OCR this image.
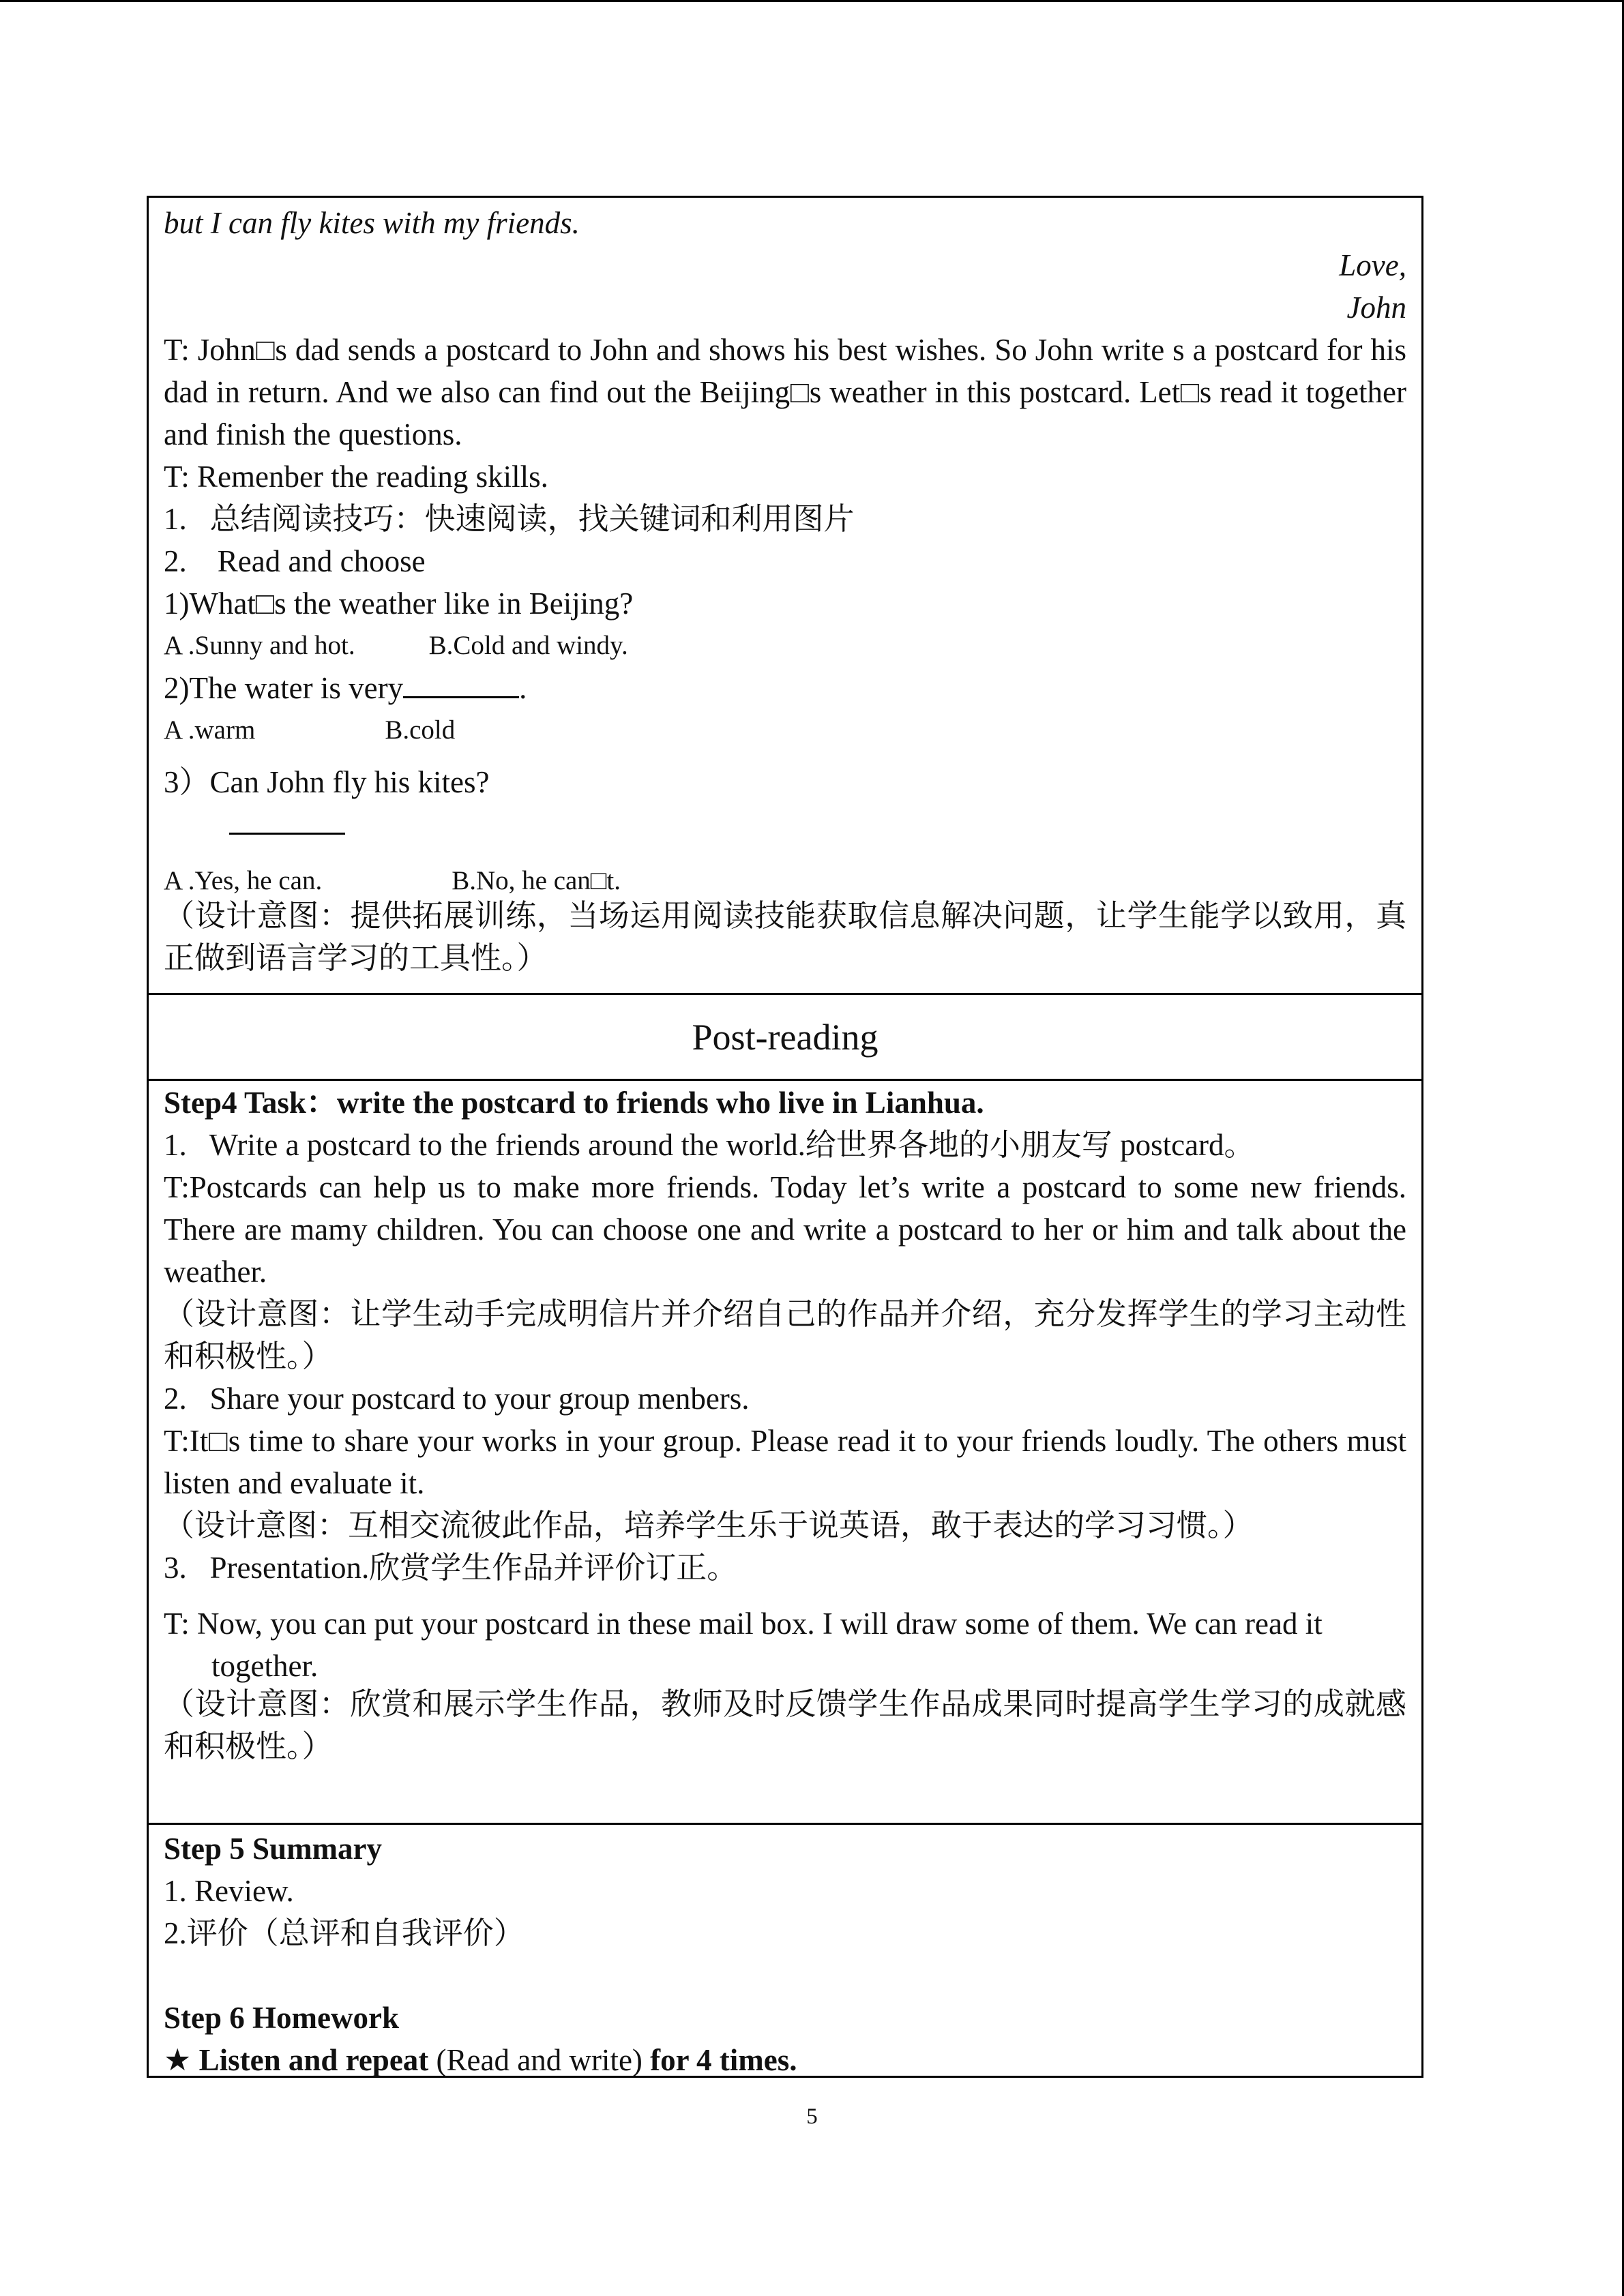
but I can fly kites with my friends.
Love,
John
T: John□s dad sends a postcard to John and shows his best wishes. So John write s a postcard for his dad in return. And we also can find out the Beijing□s weather in this postcard. Let□s read it together and finish the questions.
T: Remenber the reading skills.
1.   总结阅读技巧：快速阅读，找关键词和利用图片
2.    Read and choose
1)What□s the weather like in Beijing?
A .Sunny and hot.	B.Cold and windy.
2)The water is very	.
A .warm	B.cold
3）Can John fly his kites?
A .Yes, he can.	B.No, he can□t.
（设计意图：提供拓展训练，当场运用阅读技能获取信息解决问题，让学生能学以致用，真正做到语言学习的工具性。）
Post-reading
Step4 Task：write the postcard to friends who live in Lianhua.
1.   Write a postcard to the friends around the world.给世界各地的小朋友写 postcard。
T:Postcards can help us to make more friends. Today let’s write a postcard to some new friends. There are mamy children. You can choose one and write a postcard to her or him and talk about the weather.
（设计意图：让学生动手完成明信片并介绍自己的作品并介绍，充分发挥学生的学习主动性和积极性。）
2.   Share your postcard to your group menbers.
T:It□s time to share your works in your group. Please read it to your friends loudly. The others must listen and evaluate it.
（设计意图：互相交流彼此作品，培养学生乐于说英语，敢于表达的学习习惯。）
3.   Presentation.欣赏学生作品并评价订正。
T: Now, you can put your postcard in these mail box. I will draw some of them. We can read it
together.
（设计意图：欣赏和展示学生作品，教师及时反馈学生作品成果同时提高学生学习的成就感和积极性。）
Step 5 Summary
1. Review.
2.评价（总评和自我评价）
Step 6 Homework
★ Listen and repeat (Read and write) for 4 times.
5
